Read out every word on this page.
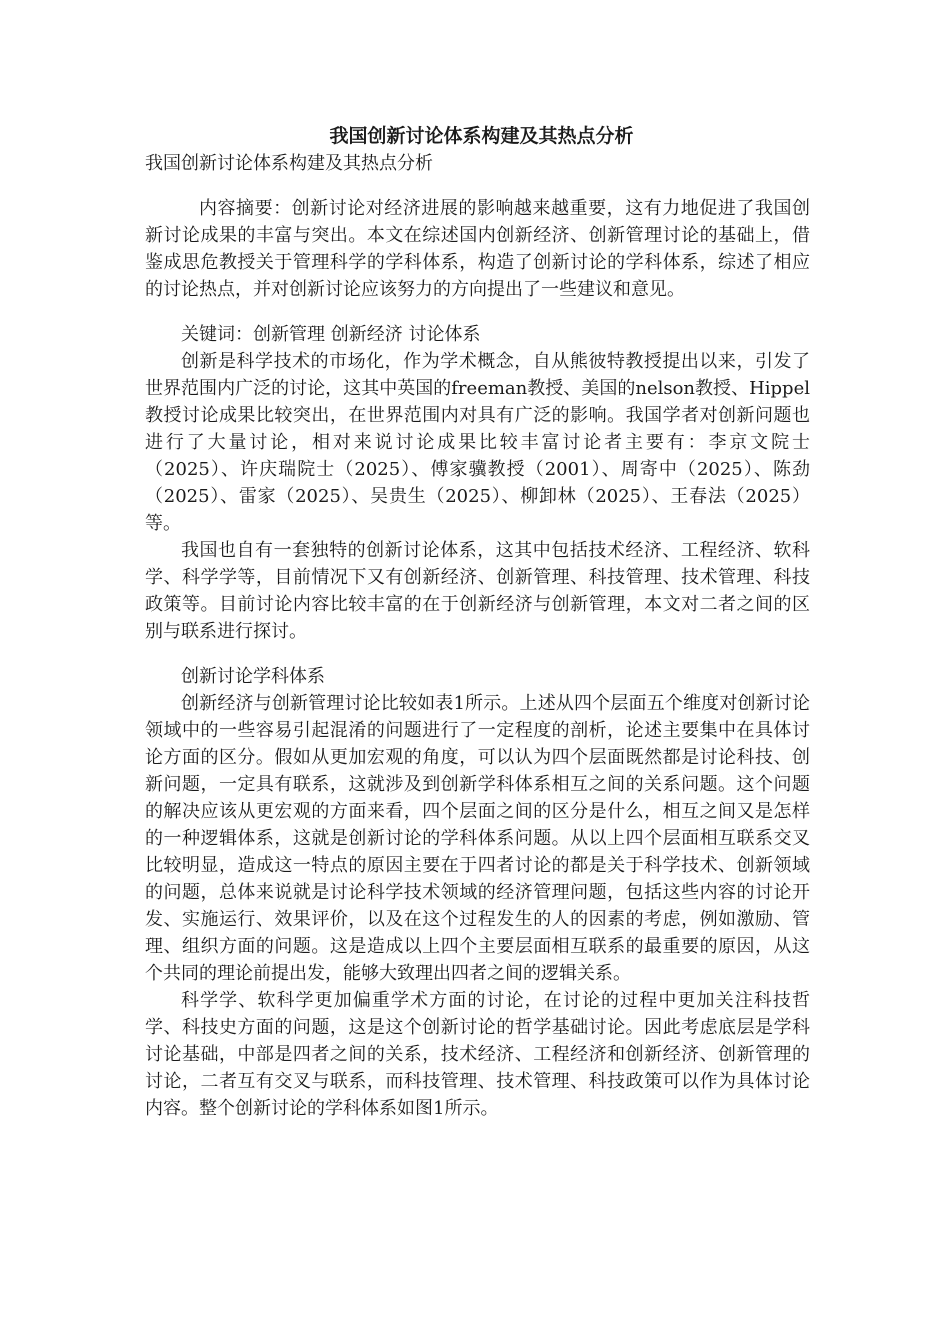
我国创新讨论体系构建及其热点分析

我国创新讨论体系构建及其热点分析

内容摘要：创新讨论对经济进展的影响越来越重要，这有力地促进了我国创新讨论成果的丰富与突出。本文在综述国内创新经济、创新管理讨论的基础上，借鉴成思危教授关于管理科学的学科体系，构造了创新讨论的学科体系，综述了相应的讨论热点，并对创新讨论应该努力的方向提出了一些建议和意见。

关键词：创新管理 创新经济 讨论体系

创新是科学技术的市场化，作为学术概念，自从熊彼特教授提出以来，引发了世界范围内广泛的讨论，这其中英国的freeman教授、美国的nelson教授、Hippel教授讨论成果比较突出，在世界范围内对具有广泛的影响。我国学者对创新问题也进行了大量讨论，相对来说讨论成果比较丰富讨论者主要有：李京文院士（2025）、许庆瑞院士（2025）、傅家骥教授（2001）、周寄中（2025）、陈劲（2025）、雷家（2025）、吴贵生（2025）、柳卸林（2025）、王春法（2025）等。

我国也自有一套独特的创新讨论体系，这其中包括技术经济、工程经济、软科学、科学学等，目前情况下又有创新经济、创新管理、科技管理、技术管理、科技政策等。目前讨论内容比较丰富的在于创新经济与创新管理，本文对二者之间的区别与联系进行探讨。

创新讨论学科体系

创新经济与创新管理讨论比较如表1所示。上述从四个层面五个维度对创新讨论领域中的一些容易引起混淆的问题进行了一定程度的剖析，论述主要集中在具体讨论方面的区分。假如从更加宏观的角度，可以认为四个层面既然都是讨论科技、创新问题，一定具有联系，这就涉及到创新学科体系相互之间的关系问题。这个问题的解决应该从更宏观的方面来看，四个层面之间的区分是什么，相互之间又是怎样的一种逻辑体系，这就是创新讨论的学科体系问题。从以上四个层面相互联系交叉比较明显，造成这一特点的原因主要在于四者讨论的都是关于科学技术、创新领域的问题，总体来说就是讨论科学技术领域的经济管理问题，包括这些内容的讨论开发、实施运行、效果评价，以及在这个过程发生的人的因素的考虑，例如激励、管理、组织方面的问题。这是造成以上四个主要层面相互联系的最重要的原因，从这个共同的理论前提出发，能够大致理出四者之间的逻辑关系。

科学学、软科学更加偏重学术方面的讨论，在讨论的过程中更加关注科技哲学、科技史方面的问题，这是这个创新讨论的哲学基础讨论。因此考虑底层是学科讨论基础，中部是四者之间的关系，技术经济、工程经济和创新经济、创新管理的讨论，二者互有交叉与联系，而科技管理、技术管理、科技政策可以作为具体讨论内容。整个创新讨论的学科体系如图1所示。
